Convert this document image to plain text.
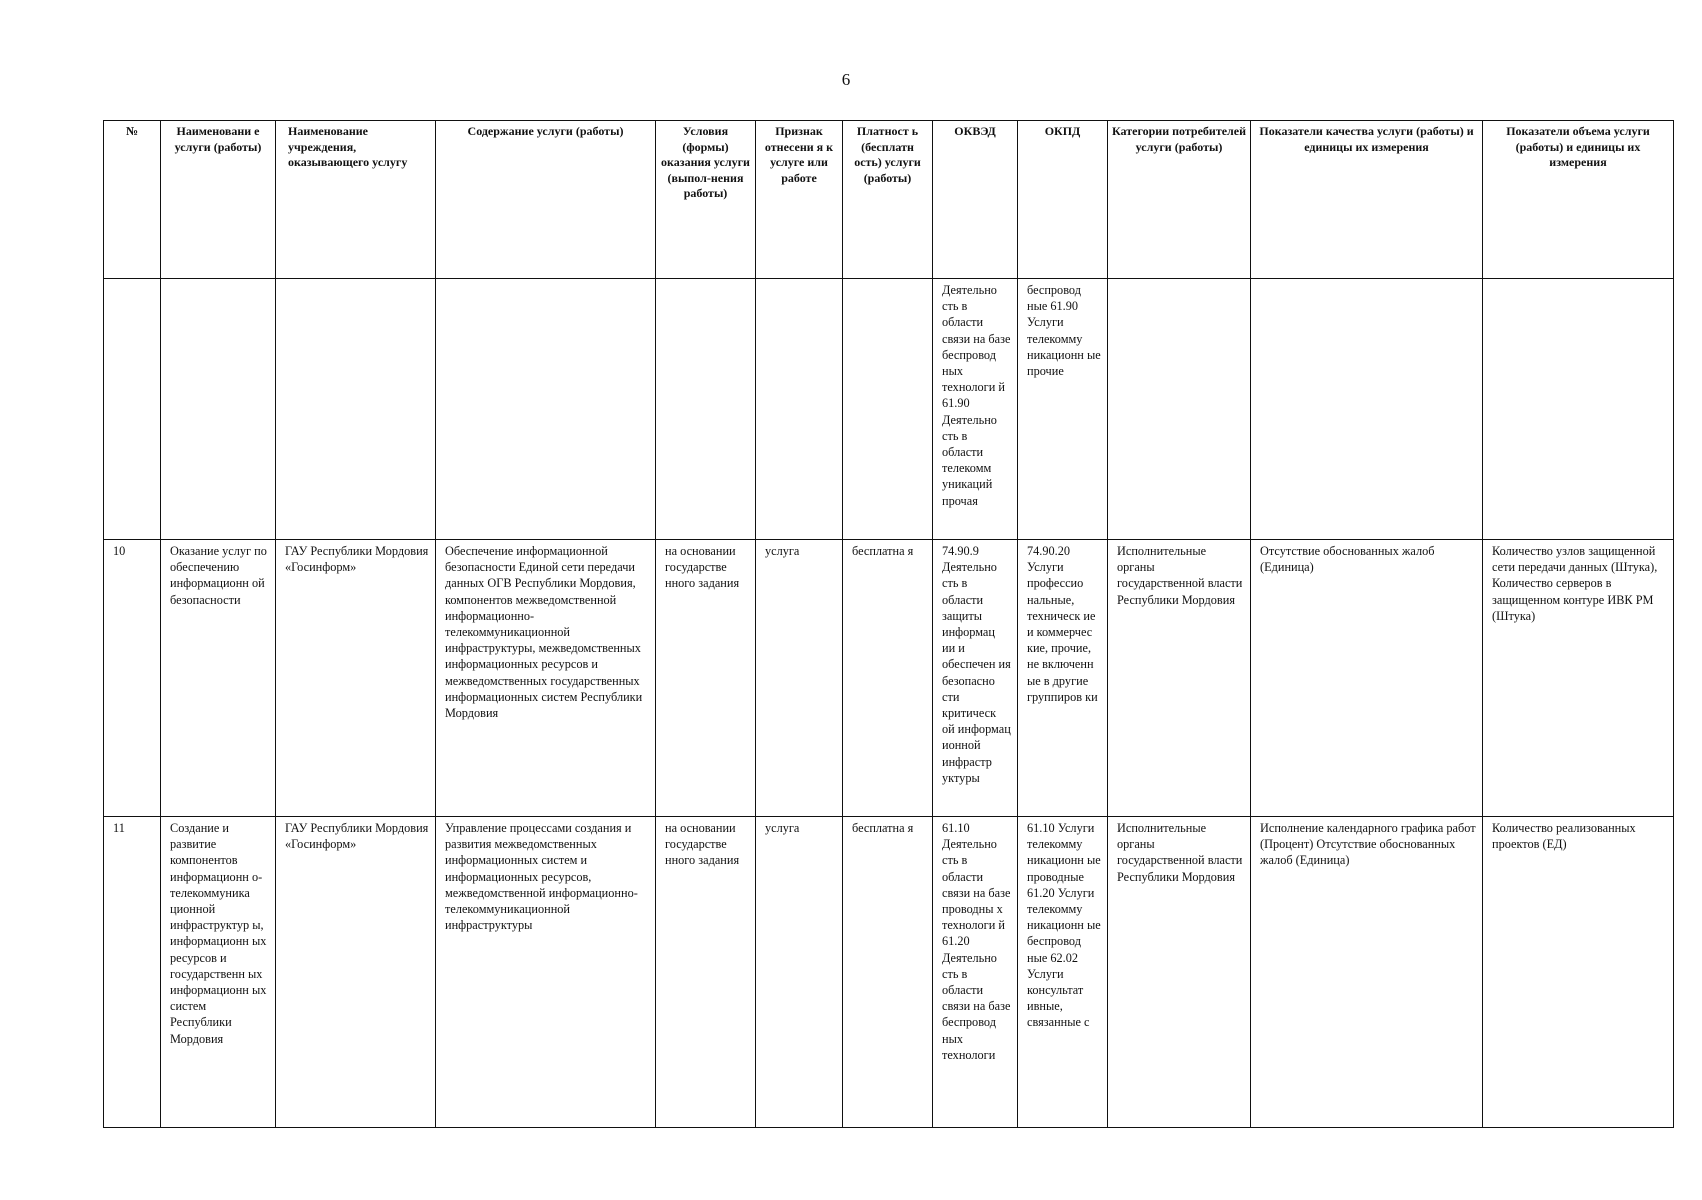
6
№	Наименовани е услуги (работы)	Наименование учреждения, оказывающего услугу	Содержание услуги (работы)	Условия (формы) оказания услуги (выпол-нения работы)	Признак отнесени я к услуге или работе	Платност ь (бесплатн ость) услуги (работы)	ОКВЭД	ОКПД	Категории потребителей услуги (работы)	Показатели качества услуги (работы) и единицы их измерения	Показатели объема услуги (работы) и единицы их измерения
							Деятельно сть в области связи на базе беспровод ных технологи й 61.90 Деятельно сть в области телекомм уникаций прочая	беспровод ные 61.90 Услуги телекомму никационн ые прочие			
10	Оказание услуг по обеспечению информационн ой безопасности	ГАУ Республики Мордовия «Госинформ»	Обеспечение информационной безопасности Единой сети передачи данных ОГВ Республики Мордовия, компонентов межведомственной информационно-телекоммуникационной инфраструктуры, межведомственных информационных ресурсов и межведомственных государственных информационных систем Республики Мордовия	на основании государстве нного задания	услуга	бесплатна я	74.90.9 Деятельно сть в области защиты информац ии и обеспечен ия безопасно сти критическ ой информац ионной инфрастр уктуры	74.90.20 Услуги профессио нальные, техническ ие и коммерчес кие, прочие, не включенн ые в другие группиров ки	Исполнительные органы государственной власти Республики Мордовия	Отсутствие обоснованных жалоб (Единица)	Количество узлов защищенной сети передачи данных (Штука), Количество серверов в защищенном контуре ИВК РМ (Штука)
11	Создание и развитие компонентов информационн о-телекоммуника ционной инфраструктур ы, информационн ых ресурсов и государственн ых информационн ых систем Республики Мордовия	ГАУ Республики Мордовия «Госинформ»	Управление процессами создания и развития межведомственных информационных систем и информационных ресурсов, межведомственной информационно-телекоммуникационной инфраструктуры	на основании государстве нного задания	услуга	бесплатна я	61.10 Деятельно сть в области связи на базе проводны х технологи й 61.20 Деятельно сть в области связи на базе беспровод ных технологи	61.10 Услуги телекомму никационн ые проводные 61.20 Услуги телекомму никационн ые беспровод ные 62.02 Услуги консультат ивные, связанные с	Исполнительные органы государственной власти Республики Мордовия	Исполнение календарного графика работ (Процент) Отсутствие обоснованных жалоб (Единица)	Количество реализованных проектов (ЕД)
